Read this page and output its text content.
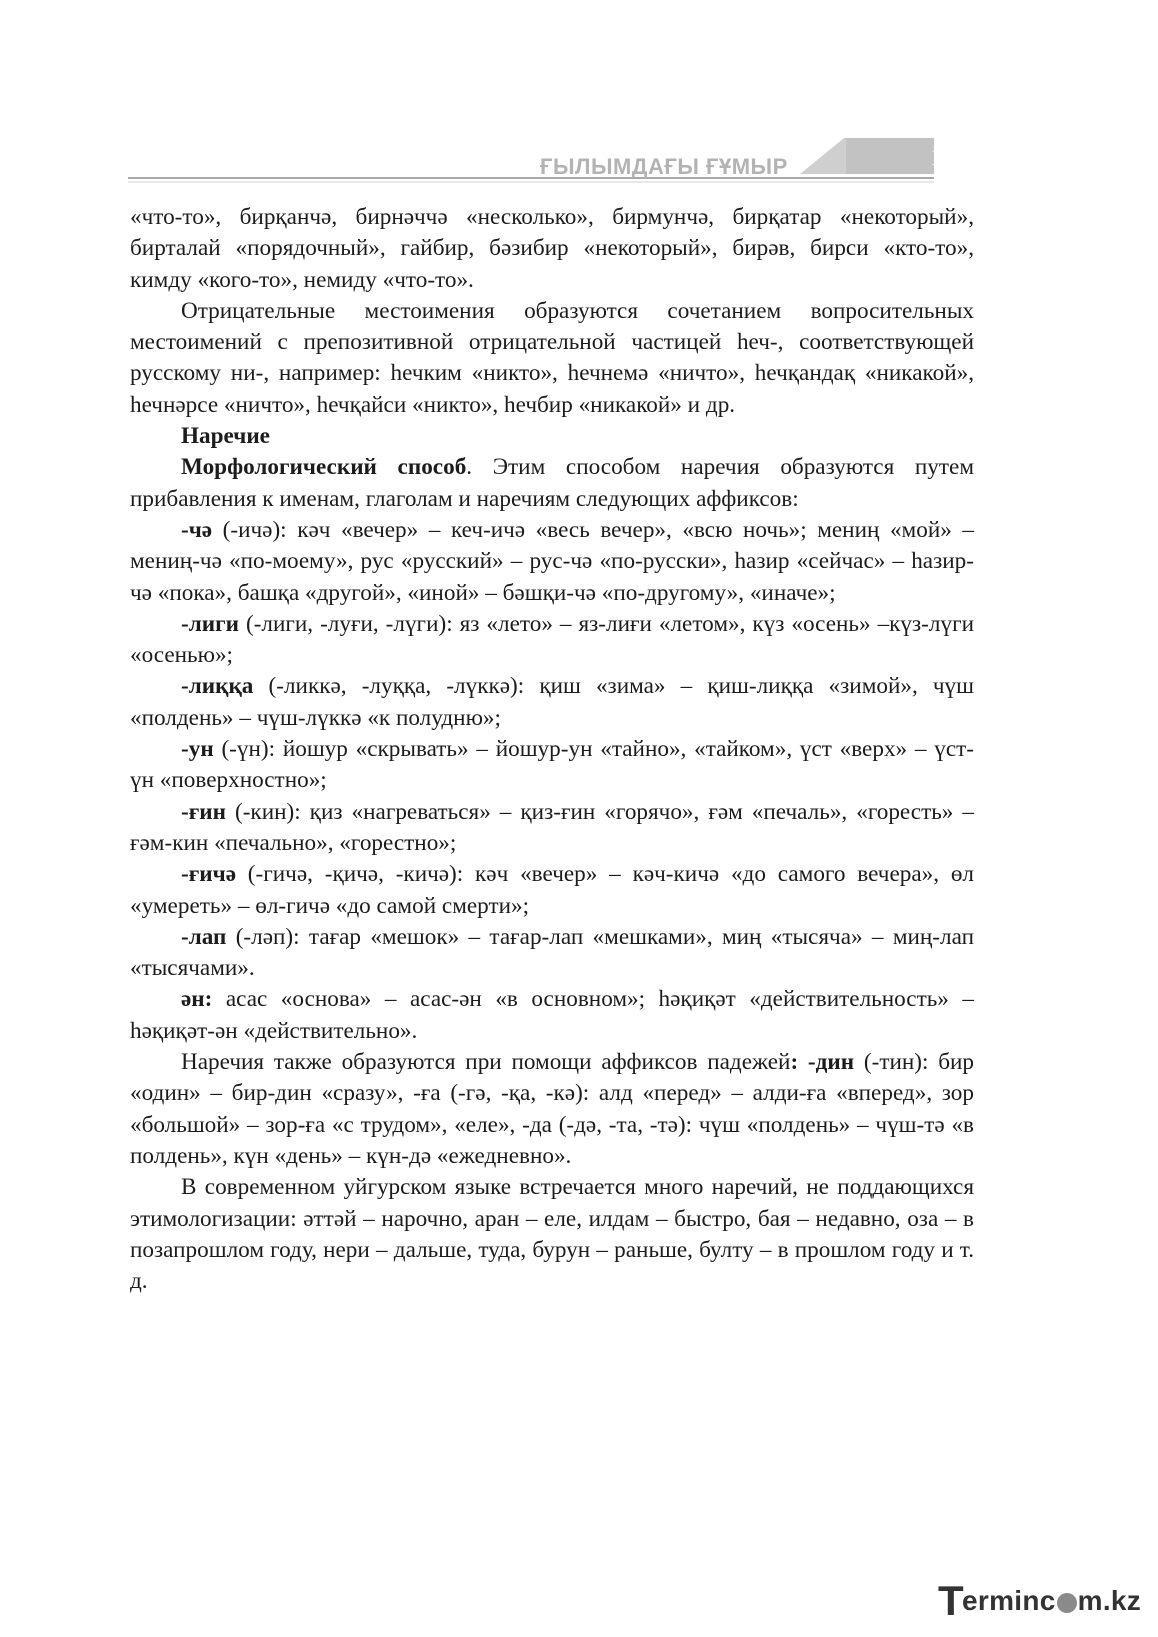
ҒЫЛЫМДАҒЫ ҒҰМЫР	139

«что-то», бирқанчә, бирнәччә «несколько», бирмунчә, бирқатар «некоторый», бирталай «порядочный», гайбир, бәзибир «некоторый», бирәв, бирси «кто-то», кимду «кого-то», немиду «что-то».

Отрицательные местоимения образуются сочетанием вопросительных местоимений с препозитивной отрицательной частицей һеч-, соответствующей русскому ни-, например: һечким «никто», һечнемә «ничто», һечқандақ «никакой», һечнәрсе «ничто», һечқайси «никто», һечбир «никакой» и др.

Наречие

Морфологический способ. Этим способом наречия образуются путем прибавления к именам, глаголам и наречиям следующих аффиксов:

-чә (-ичә): кәч «вечер» – кеч-ичә «весь вечер», «всю ночь»; мениң «мой» – мениң-чә «по-моему», рус «русский» – рус-чә «по-русски», һазир «сейчас» – һазир-чә «пока», башқа «другой», «иной» – бәшқи-чә «по-другому», «иначе»;

-лиги (-лиги, -луғи, -лүги): яз «лето» – яз-лиғи «летом», күз «осень» –күз-лүги «осенью»;

-лиққа (-ликкә, -луққа, -лүккә): қиш «зима» – қиш-лиққа «зимой», чүш «полдень» – чүш-лүккә «к полудню»;

-ун (-үн): йошур «скрывать» – йошур-ун «тайно», «тайком», үст «верх» – үст-үн «поверхностно»;

-ғин (-кин): қиз «нагреваться» – қиз-ғин «горячо», ғәм «печаль», «горесть» – ғәм-кин «печально», «горестно»;

-ғичә (-гичә, -қичә, -кичә): кәч «вечер» – кәч-кичә «до самого вечера», өл «умереть» – өл-гичә «до самой смерти»;

-лап (-ләп): тағар «мешок» – тағар-лап «мешками», миң «тысяча» – миң-лап «тысячами».

ән: асас «основа» – асас-ән «в основном»; һәқиқәт «действительность» – һәқиқәт-ән «действительно».

Наречия также образуются при помощи аффиксов падежей: -дин (-тин): бир «один» – бир-дин «сразу», -ға (-гә, -қа, -кә): алд «перед» – алди-ға «вперед», зор «большой» – зор-ға «с трудом», «еле», -да (-дә, -та, -тә): чүш «полдень» – чүш-тә «в полдень», күн «день» – күн-дә «ежедневно».

В современном уйгурском языке встречается много наречий, не поддающихся этимологизации: әттәй – нарочно, аран – еле, илдам – быстро, бая – недавно, оза – в позапрошлом году, нери – дальше, туда, бурун – раньше, булту – в прошлом году и т. д.

T
erminc m.kz
